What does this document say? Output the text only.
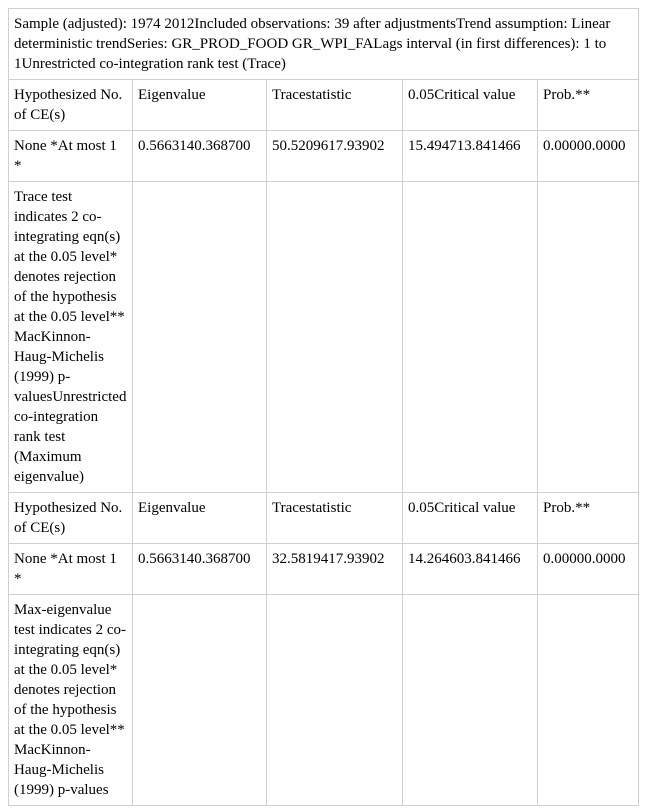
Sample (adjusted): 1974 2012Included observations: 39 after adjustmentsTrend assumption: Linear deterministic trendSeries: GR_PROD_FOOD GR_WPI_FALags interval (in first differences): 1 to 1Unrestricted co-integration rank test (Trace)				
Hypothesized No. of CE(s)	Eigenvalue	Tracestatistic	0.05Critical value	Prob.**
None *At most 1 *	0.5663140.368700	50.5209617.93902	15.494713.841466	0.00000.0000
Trace test indicates 2 co-integrating eqn(s) at the 0.05 level* denotes rejection of the hypothesis at the 0.05 level** MacKinnon-Haug-Michelis (1999) p-valuesUnrestricted co-integration rank test (Maximum eigenvalue)				
Hypothesized No. of CE(s)	Eigenvalue	Tracestatistic	0.05Critical value	Prob.**
None *At most 1 *	0.5663140.368700	32.5819417.93902	14.264603.841466	0.00000.0000
Max-eigenvalue test indicates 2 co-integrating eqn(s) at the 0.05 level* denotes rejection of the hypothesis at the 0.05 level** MacKinnon-Haug-Michelis (1999) p-values				
